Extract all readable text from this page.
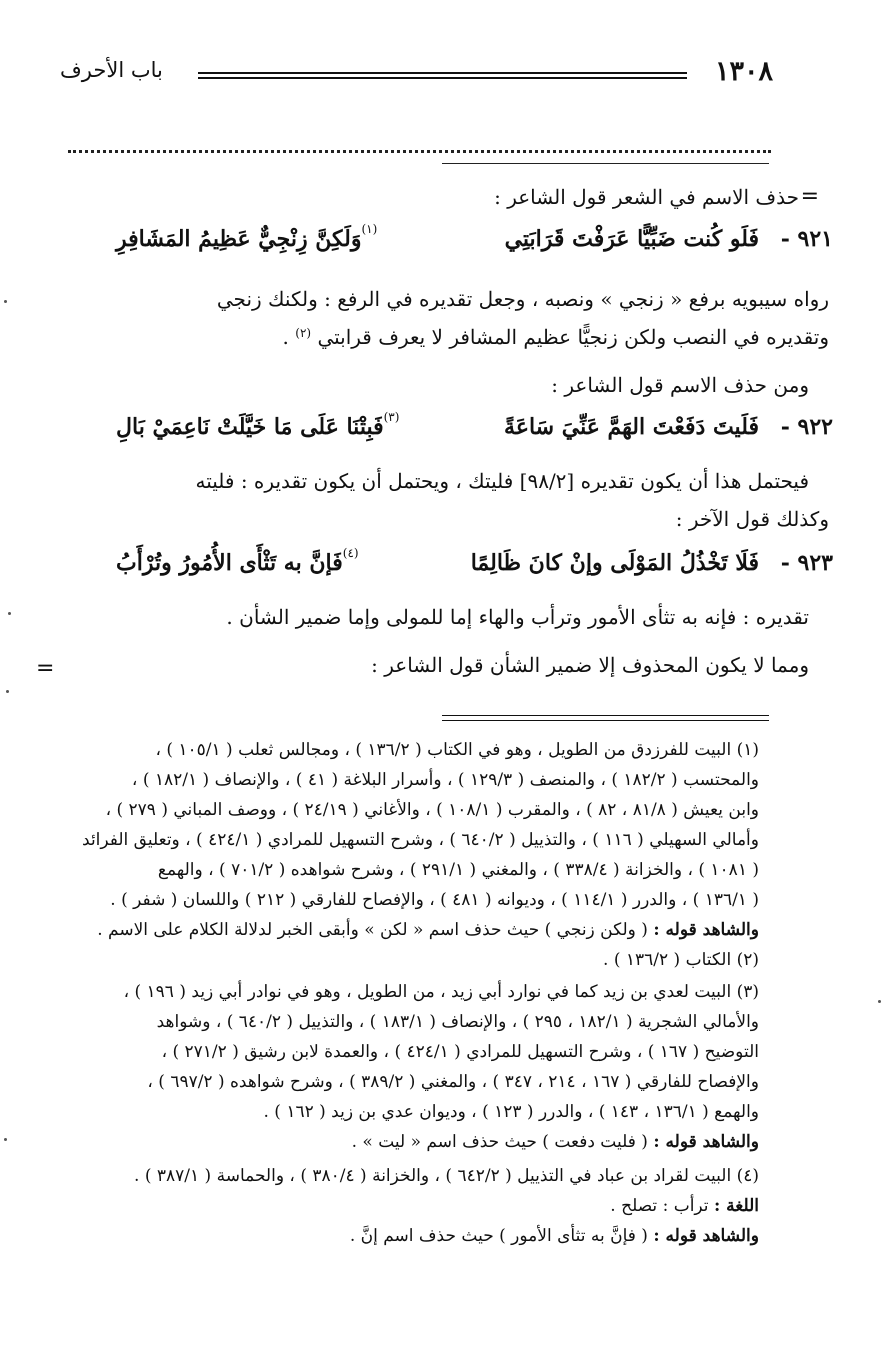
باب الأحرف	١٣٠٨
=
حذف الاسم في الشعر قول الشاعر :
٩٢١ -
فَلَو كُنت ضَبِّيًّا عَرَفْتَ قَرَابَتِي
$^{(١)}$وَلَكِنَّ زِنْجِيٌّ عَظِيمُ المَشَافِرِ
رواه سيبويه برفع « زنجي » ونصبه ، وجعل تقديره في الرفع : ولكنك زنجي
وتقديره في النصب ولكن زنجيًّا عظيم المشافر لا يعرف قرابتي $^{(٢)}$ .
ومن حذف الاسم قول الشاعر :
٩٢٢ -
فَلَيتَ دَفَعْتَ الهَمَّ عَنِّيَ سَاعَةً
$^{(٣)}$فَبِتْنَا عَلَى مَا خَيَّلَتْ نَاعِمَيْ بَالِ
فيحتمل هذا أن يكون تقديره [٩٨/٢] فليتك ، ويحتمل أن يكون تقديره : فليته
وكذلك قول الآخر :
٩٢٣ -
فَلَا تَخْذُلُ المَوْلَى وإنْ كانَ ظَالِمًا
$^{(٤)}$فَإنَّ به تَثْأَى الأُمُورُ وتُرْأَبُ
تقديره : فإنه به تثأى الأمور وترأب والهاء إما للمولى وإما ضمير الشأن .
ومما لا يكون المحذوف إلا ضمير الشأن قول الشاعر :
=
(١) البيت للفرزدق من الطويل ، وهو في الكتاب ( ١٣٦/٢ ) ، ومجالس ثعلب ( ١٠٥/١ ) ،
والمحتسب ( ١٨٢/٢ ) ، والمنصف ( ١٢٩/٣ ) ، وأسرار البلاغة ( ٤١ ) ، والإنصاف ( ١٨٢/١ ) ،
وابن يعيش ( ٨١/٨ ، ٨٢ ) ، والمقرب ( ١٠٨/١ ) ، والأغاني ( ٢٤/١٩ ) ، ووصف المباني ( ٢٧٩ ) ،
وأمالي السهيلي ( ١١٦ ) ، والتذييل ( ٦٤٠/٢ ) ، وشرح التسهيل للمرادي ( ٤٢٤/١ ) ، وتعليق الفرائد
( ١٠٨١ ) ، والخزانة ( ٣٣٨/٤ ) ، والمغني ( ٢٩١/١ ) ، وشرح شواهده ( ٧٠١/٢ ) ، والهمع
( ١٣٦/١ ) ، والدرر ( ١١٤/١ ) ، وديوانه ( ٤٨١ ) ، والإفصاح للفارقي ( ٢١٢ ) واللسان ( شفر ) .
والشاهد قوله : ( ولكن زنجي ) حيث حذف اسم « لكن » وأبقى الخبر لدلالة الكلام على الاسم .
(٢) الكتاب ( ١٣٦/٢ ) .
(٣) البيت لعدي بن زيد كما في نوارد أبي زيد ، من الطويل ، وهو في نوادر أبي زيد ( ١٩٦ ) ،
والأمالي الشجرية ( ١٨٢/١ ، ٢٩٥ ) ، والإنصاف ( ١٨٣/١ ) ، والتذييل ( ٦٤٠/٢ ) ، وشواهد
التوضيح ( ١٦٧ ) ، وشرح التسهيل للمرادي ( ٤٢٤/١ ) ، والعمدة لابن رشيق ( ٢٧١/٢ ) ،
والإفصاح للفارقي ( ١٦٧ ، ٢١٤ ، ٣٤٧ ) ، والمغني ( ٣٨٩/٢ ) ، وشرح شواهده ( ٦٩٧/٢ ) ،
والهمع ( ١٣٦/١ ، ١٤٣ ) ، والدرر ( ١٢٣ ) ، وديوان عدي بن زيد ( ١٦٢ ) .
والشاهد قوله : ( فليت دفعت ) حيث حذف اسم « ليت » .
(٤) البيت لقراد بن عباد في التذييل ( ٦٤٢/٢ ) ، والخزانة ( ٣٨٠/٤ ) ، والحماسة ( ٣٨٧/١ ) .
اللغة : ترأب : تصلح .
والشاهد قوله : ( فإنَّ به تثأى الأمور ) حيث حذف اسم إنَّ .
